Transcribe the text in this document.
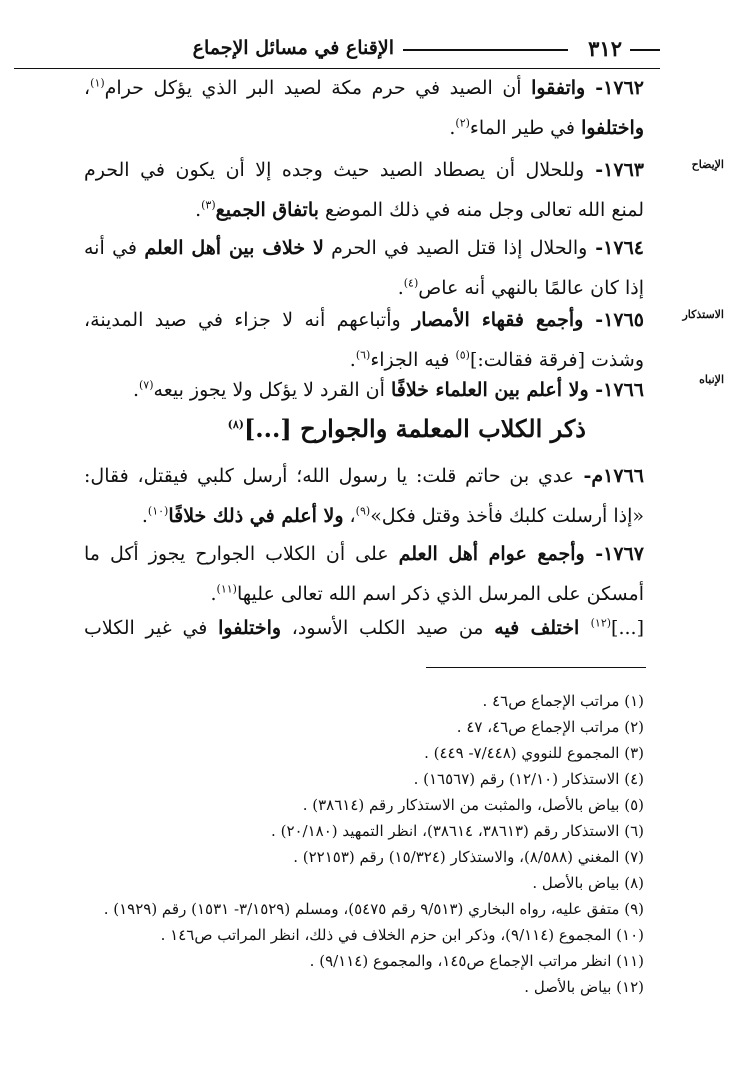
٣١٢
الإقناع في مسائل الإجماع
الإيضاح
الاستذكار
الإنباه

١٧٦٢- واتفقوا أن الصيد في حرم مكة لصيد البر الذي يؤكل حرام$^{(١)}$،
واختلفوا في طير الماء$^{(٢)}$.

١٧٦٣- وللحلال أن يصطاد الصيد حيث وجده إلا أن يكون في الحرم
لمنع الله تعالى وجل منه في ذلك الموضع باتفاق الجميع$^{(٣)}$.

١٧٦٤- والحلال إذا قتل الصيد في الحرم لا خلاف بين أهل العلم في أنه
إذا كان عالمًا بالنهي أنه عاص$^{(٤)}$.

١٧٦٥- وأجمع فقهاء الأمصار وأتباعهم أنه لا جزاء في صيد المدينة،
وشذت [فرقة فقالت:]$^{(٥)}$ فيه الجزاء$^{(٦)}$.

١٧٦٦- ولا أعلم بين العلماء خلافًا أن القرد لا يؤكل ولا يجوز بيعه$^{(٧)}$.

ذكر الكلاب المعلمة والجوارح [...]$^{(٨)}$

١٧٦٦م- عدي بن حاتم قلت: يا رسول الله؛ أرسل كلبي فيقتل، فقال:
«إذا أرسلت كلبك فأخذ وقتل فكل»$^{(٩)}$، ولا أعلم في ذلك خلافًا$^{(١٠)}$.

١٧٦٧- وأجمع عوام أهل العلم على أن الكلاب الجوارح يجوز أكل ما
أمسكن على المرسل الذي ذكر اسم الله تعالى عليها$^{(١١)}$.

[...]$^{(١٢)}$ اختلف فيه من صيد الكلب الأسود، واختلفوا في غير الكلاب

(١) مراتب الإجماع ص٤٦ .
(٢) مراتب الإجماع ص٤٦، ٤٧ .
(٣) المجموع للنووي (٧/٤٤٨- ٤٤٩) .
(٤) الاستذكار (١٢/١٠) رقم (١٦٥٦٧) .
(٥) بياض بالأصل، والمثبت من الاستذكار رقم (٣٨٦١٤) .
(٦) الاستذكار رقم (٣٨٦١٣، ٣٨٦١٤)، انظر التمهيد (٢٠/١٨٠) .
(٧) المغني (٨/٥٨٨)، والاستذكار (١٥/٣٢٤) رقم (٢٢١٥٣) .
(٨) بياض بالأصل .
(٩) متفق عليه، رواه البخاري (٩/٥١٣ رقم ٥٤٧٥)، ومسلم (٣/١٥٢٩- ١٥٣١) رقم (١٩٢٩) .
(١٠) المجموع (٩/١١٤)، وذكر ابن حزم الخلاف في ذلك، انظر المراتب ص١٤٦ .
(١١) انظر مراتب الإجماع ص١٤٥، والمجموع (٩/١١٤) .
(١٢) بياض بالأصل .
